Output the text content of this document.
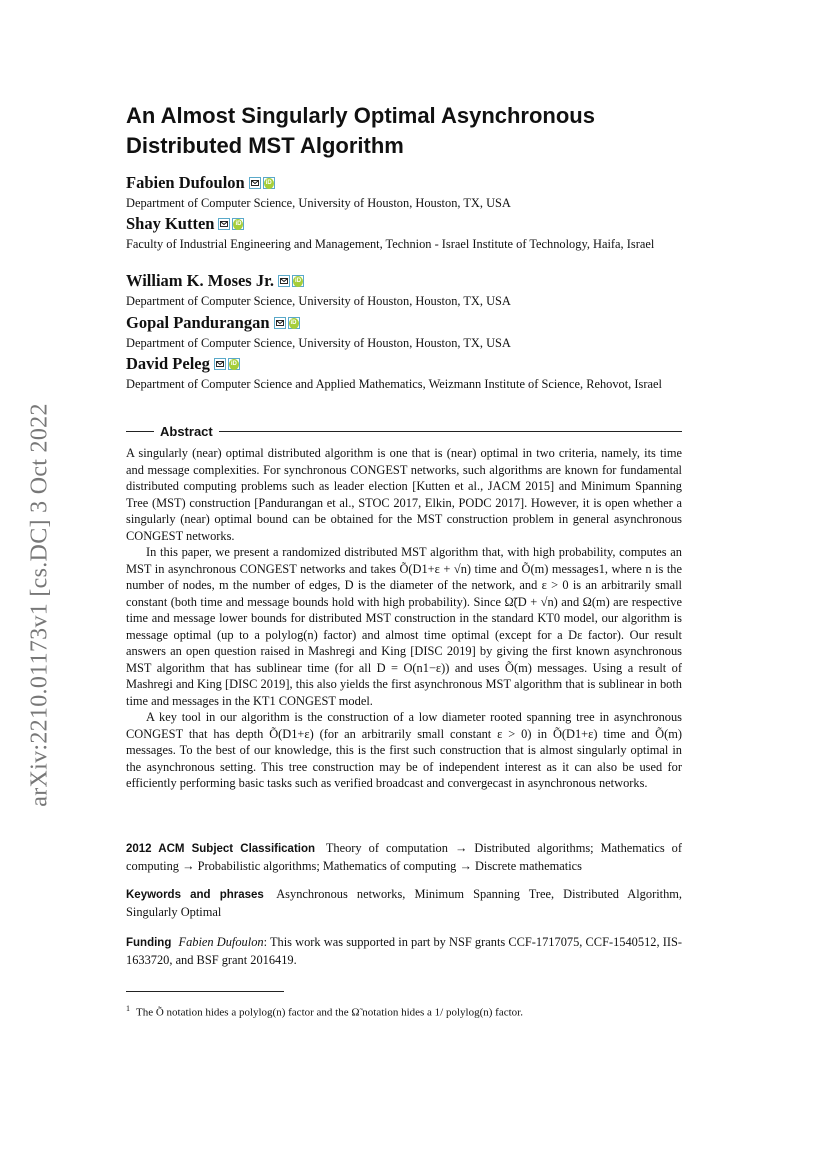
arXiv:2210.01173v1 [cs.DC] 3 Oct 2022
An Almost Singularly Optimal Asynchronous Distributed MST Algorithm
Fabien Dufoulon	iD
Department of Computer Science, University of Houston, Houston, TX, USA
Shay Kutten	iD
Faculty of Industrial Engineering and Management, Technion - Israel Institute of Technology, Haifa, Israel
William K. Moses Jr.	iD
Department of Computer Science, University of Houston, Houston, TX, USA
Gopal Pandurangan	iD
Department of Computer Science, University of Houston, Houston, TX, USA
David Peleg	iD
Department of Computer Science and Applied Mathematics, Weizmann Institute of Science, Rehovot, Israel
Abstract

A singularly (near) optimal distributed algorithm is one that is (near) optimal in two criteria, namely, its time and message complexities. For synchronous CONGEST networks, such algorithms are known for fundamental distributed computing problems such as leader election [Kutten et al., JACM 2015] and Minimum Spanning Tree (MST) construction [Pandurangan et al., STOC 2017, Elkin, PODC 2017]. However, it is open whether a singularly (near) optimal bound can be obtained for the MST construction problem in general asynchronous CONGEST networks.

In this paper, we present a randomized distributed MST algorithm that, with high probability, computes an MST in asynchronous CONGEST networks and takes Õ(D1+ε + √n) time and Õ(m) messages1, where n is the number of nodes, m the number of edges, D is the diameter of the network, and ε > 0 is an arbitrarily small constant (both time and message bounds hold with high probability). Since Ω̃(D + √n) and Ω(m) are respective time and message lower bounds for distributed MST construction in the standard KT0 model, our algorithm is message optimal (up to a polylog(n) factor) and almost time optimal (except for a Dε factor). Our result answers an open question raised in Mashregi and King [DISC 2019] by giving the first known asynchronous MST algorithm that has sublinear time (for all D = O(n1−ε)) and uses Õ(m) messages. Using a result of Mashregi and King [DISC 2019], this also yields the first asynchronous MST algorithm that is sublinear in both time and messages in the KT1 CONGEST model.

A key tool in our algorithm is the construction of a low diameter rooted spanning tree in asynchronous CONGEST that has depth Õ(D1+ε) (for an arbitrarily small constant ε > 0) in Õ(D1+ε) time and Õ(m) messages. To the best of our knowledge, this is the first such construction that is almost singularly optimal in the asynchronous setting. This tree construction may be of independent interest as it can also be used for efficiently performing basic tasks such as verified broadcast and convergecast in asynchronous networks.

2012 ACM Subject Classification Theory of computation → Distributed algorithms; Mathematics of computing → Probabilistic algorithms; Mathematics of computing → Discrete mathematics
Keywords and phrases Asynchronous networks, Minimum Spanning Tree, Distributed Algorithm, Singularly Optimal
Funding Fabien Dufoulon: This work was supported in part by NSF grants CCF-1717075, CCF-1540512, IIS-1633720, and BSF grant 2016419.
$^1$ The Õ notation hides a polylog(n) factor and the Ω̃ notation hides a 1/ polylog(n) factor.
